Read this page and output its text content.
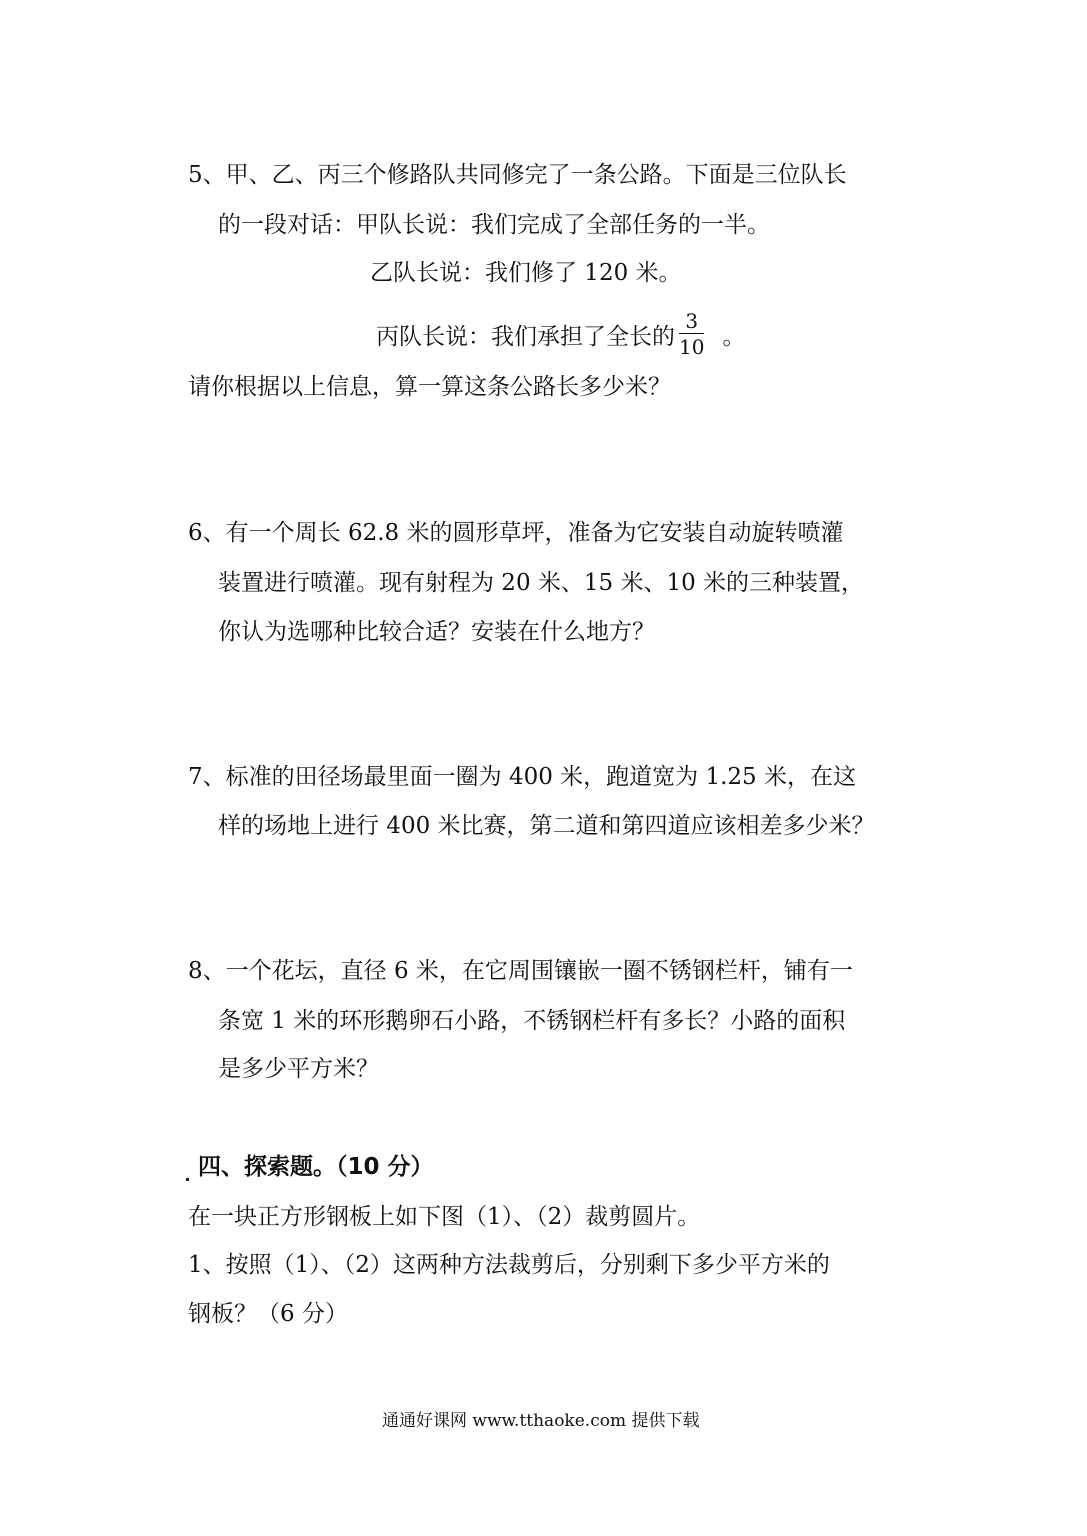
5、甲、乙、丙三个修路队共同修完了一条公路。下面是三位队长
的一段对话：甲队长说：我们完成了全部任务的一半。
乙队长说：我们修了 120 米。
丙队长说：我们承担了全长的 $\frac{3}{10}$ 。
请你根据以上信息，算一算这条公路长多少米？
6、有一个周长 62.8 米的圆形草坪，准备为它安装自动旋转喷灌
装置进行喷灌。现有射程为 20 米、15 米、10 米的三种装置，
你认为选哪种比较合适？安装在什么地方？
7、标准的田径场最里面一圈为 400 米，跑道宽为 1.25 米，在这
样的场地上进行 400 米比赛，第二道和第四道应该相差多少米？
8、一个花坛，直径 6 米，在它周围镶嵌一圈不锈钢栏杆，铺有一
条宽 1 米的环形鹅卵石小路，不锈钢栏杆有多长？小路的面积
是多少平方米？
四、探索题。（10 分）
在一块正方形钢板上如下图（1）、（2）裁剪圆片。
1、按照（1）、（2）这两种方法裁剪后，分别剩下多少平方米的
钢板？（6 分）
通通好课网 www.tthaoke.com 提供下载
